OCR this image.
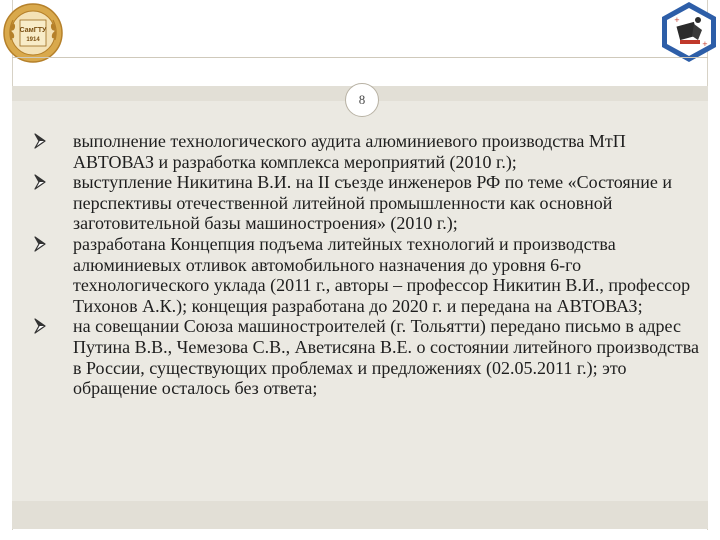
СамГТУ
1914
+
+
выполнение технологического аудита алюминиевого производства МтП АВТОВАЗ и разработка комплекса мероприятий (2010 г.);
выступление Никитина В.И. на II съезде инженеров РФ по теме «Состояние и перспективы отечественной литейной промышленности как основной заготовительной базы машиностроения» (2010 г.);
разработана Концепция подъема литейных технологий и производства алюминиевых отливок автомобильного назначения до уровня 6-го технологического уклада (2011 г., авторы – профессор Никитин В.И., профессор Тихонов А.К.); концещия разработана до 2020 г. и передана на АВТОВАЗ;
на совещании Союза машиностроителей (г. Тольятти) передано письмо в адрес Путина В.В., Чемезова С.В., Аветисяна В.Е. о состоянии литейного производства в России, существующих проблемах и предложениях (02.05.2011 г.); это обращение осталось без ответа;
8
